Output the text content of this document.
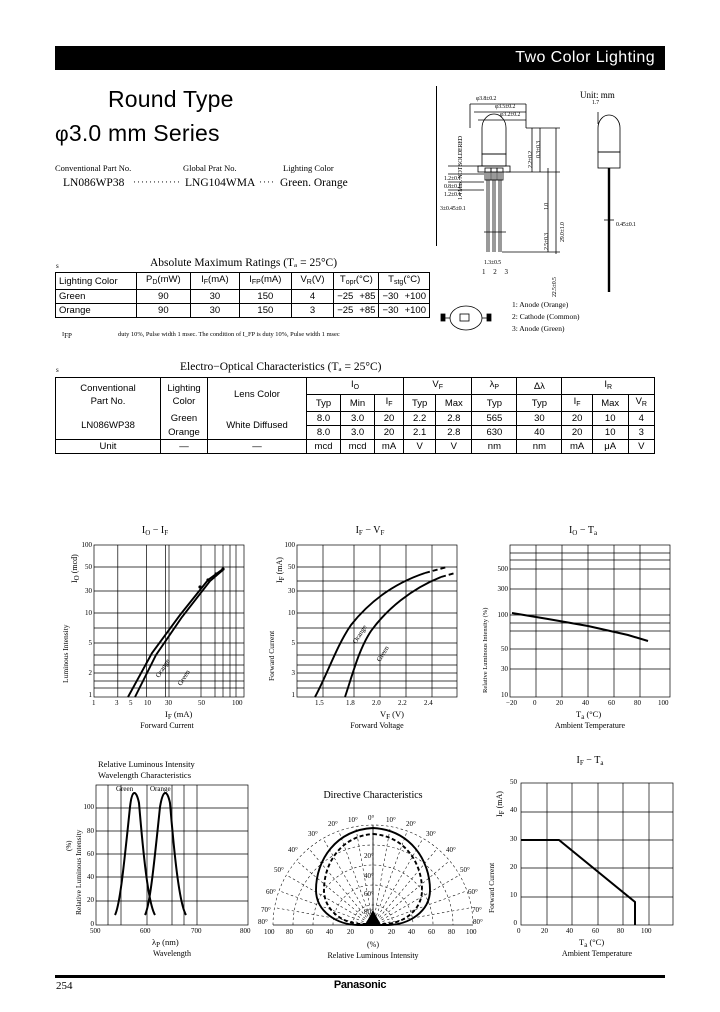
Two Color Lighting
Round Type
φ3.0 mm Series
Conventional Part No.	Global Prat No.	Lighting Color
LN086WP38 ············ LNG104WMA ···· Green. Orange
Unit: mm
φ3.8±0.2
φ3.5±0.2
φ3.2±0.2
1.4 Max. NOT SOLDERED
1.2±0.1
0.8±0.1
1.2±0.1
0.3±0.3
2.2±0.2
1.0
2.5±0.3
22.5±0.5
29.0±1.0
3±0.45±0.1
1.3±0.5
1.7
0.45±0.1
1 2 3
1: Anode (Orange)
2: Cathode (Common)
3: Anode (Green)
s	Absolute Maximum Ratings (Tₐ = 25°C)
Lighting Color	$P_D(mW)$	$I_F(mA)$	$I_{FP}(mA)$	$V_R(V)$	$T_{opr}(^\circ C)$		$T_{stg}(^\circ C)$	
Green	90	30	150	4	−25	+85	−30	+100
Orange	90	30	150	3	−25	+85	−30	+100
IFP	duty 10%, Pulse width 1 msec. The condition of I_FP is duty 10%, Pulse width 1 msec
s	Electro−Optical Characteristics (Tₐ = 25°C)
Conventional
Part No.

Lighting
Color
	Lens Color	$I_O$	$V_F$	$\lambda_P$	Δλ	$I_R$
			Typ	Min	$I_F$	Typ	Max	Typ	Typ	$I_F$	Max	$V_R$
LN086WP38	Green	White Diffused	8.0	3.0	20	2.2	2.8	565	30	20	10	4
	Orange		8.0	3.0	20	2.1	2.8	630	40	20	10	3
Unit	—	—	mcd	mcd	mA	V	V	nm	nm	mA	μA	V
$I_O - I_F$
1	3 5 10 30	50	100
1
2
5
10
30
50
100
$I_F$ (mA)
Forward Current
IO (mcd)
Luminous Intensity	Orange Green
$I_F - V_F$
1.5	1.8 2.0 2.2 2.4
1
3
5
10
30
50
100
$V_F$ (V)
Forward Voltage
IF (mA)
Forward Current	Orange
Green
$I_O - T_a$
−20 0	20	40	60	80 100
10
30
50
100
300
500
$T_a$ (°C)
Ambient Temperature
Relative Luminous Intensity (%)
Relative Luminous Intensity
Wavelength Characteristics
Green Orange
500	600	700	800
0
20
40
60
80
100
$\lambda_P$ (nm)
Wavelength
Relative Luminous Intensity
(%)
Directive Characteristics
0° 10° 20°
30°
40°
50°
60°
70°
80°
10°
20°
30°
40°
50°
60°
70°
80°
20°
40°
60°
80°
100 80 60 40 20 0 20 40 60 80 100
(%)
Relative Luminous Intensity
$I_F - T_a$
0	20	40	60	80 100
0
10
20
30
40
50
$T_a$ (°C)
Ambient Temperature
IF (mA)
Forward Current
254	Panasonic
